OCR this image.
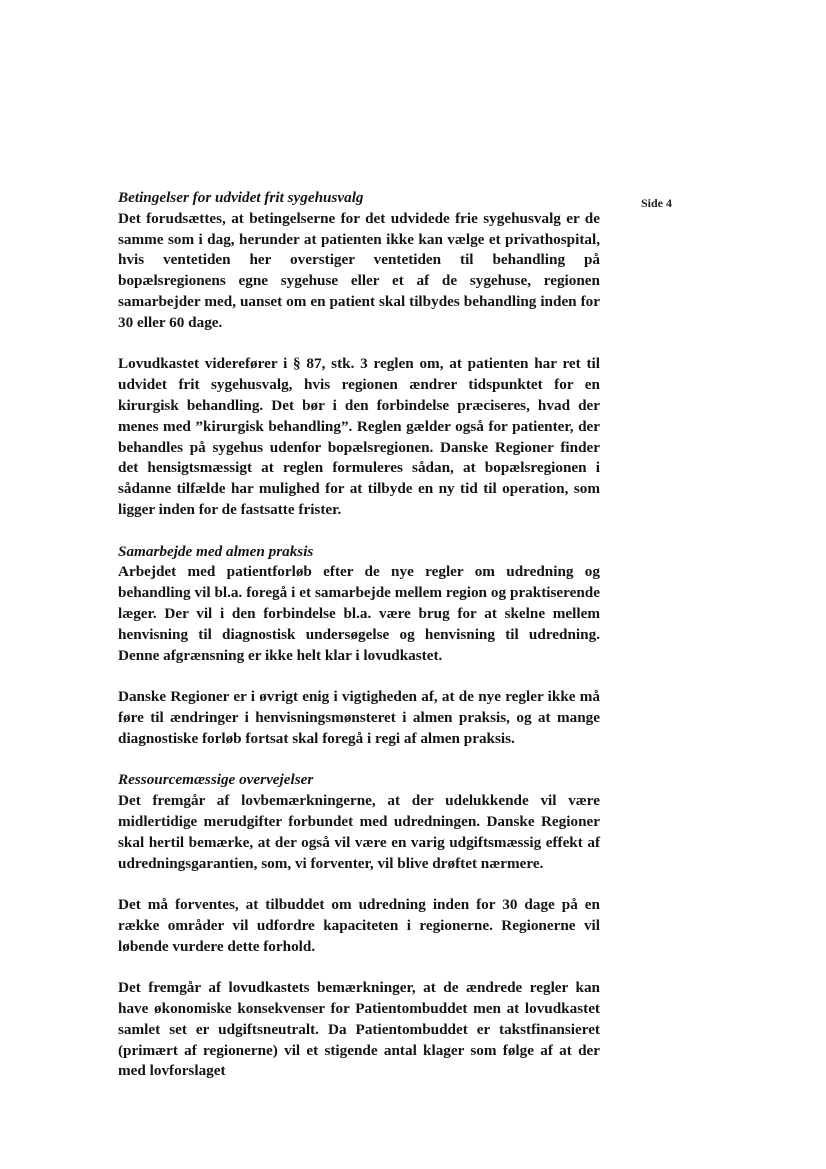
Side 4
Betingelser for udvidet frit sygehusvalg

Det forudsættes, at betingelserne for det udvidede frie sygehusvalg er de samme som i dag, herunder at patienten ikke kan vælge et privathospital, hvis ventetiden her overstiger ventetiden til behandling på bopælsregionens egne sygehuse eller et af de sygehuse, regionen samarbejder med, uanset om en patient skal tilbydes behandling inden for 30 eller 60 dage.

Lovudkastet viderefører i § 87, stk. 3 reglen om, at patienten har ret til udvidet frit sygehusvalg, hvis regionen ændrer tidspunktet for en kirurgisk behandling. Det bør i den forbindelse præciseres, hvad der menes med ”kirurgisk behandling”. Reglen gælder også for patienter, der behandles på sygehus udenfor bopælsregionen. Danske Regioner finder det hensigtsmæssigt at reglen formuleres sådan, at bopælsregionen i sådanne tilfælde har mulighed for at tilbyde en ny tid til operation, som ligger inden for de fastsatte frister.

Samarbejde med almen praksis

Arbejdet med patientforløb efter de nye regler om udredning og behandling vil bl.a. foregå i et samarbejde mellem region og praktiserende læger. Der vil i den forbindelse bl.a. være brug for at skelne mellem henvisning til diagnostisk undersøgelse og henvisning til udredning. Denne afgrænsning er ikke helt klar i lovudkastet.

Danske Regioner er i øvrigt enig i vigtigheden af, at de nye regler ikke må føre til ændringer i henvisningsmønsteret i almen praksis, og at mange diagnostiske forløb fortsat skal foregå i regi af almen praksis.

Ressourcemæssige overvejelser

Det fremgår af lovbemærkningerne, at der udelukkende vil være midlertidige merudgifter forbundet med udredningen. Danske Regioner skal hertil bemærke, at der også vil være en varig udgiftsmæssig effekt af udredningsgarantien, som, vi forventer, vil blive drøftet nærmere.

Det må forventes, at tilbuddet om udredning inden for 30 dage på en række områder vil udfordre kapaciteten i regionerne. Regionerne vil løbende vurdere dette forhold.

Det fremgår af lovudkastets bemærkninger, at de ændrede regler kan have økonomiske konsekvenser for Patientombuddet men at lovudkastet samlet set er udgiftsneutralt. Da Patientombuddet er takstfinansieret (primært af regionerne) vil et stigende antal klager som følge af at der med lovforslaget
